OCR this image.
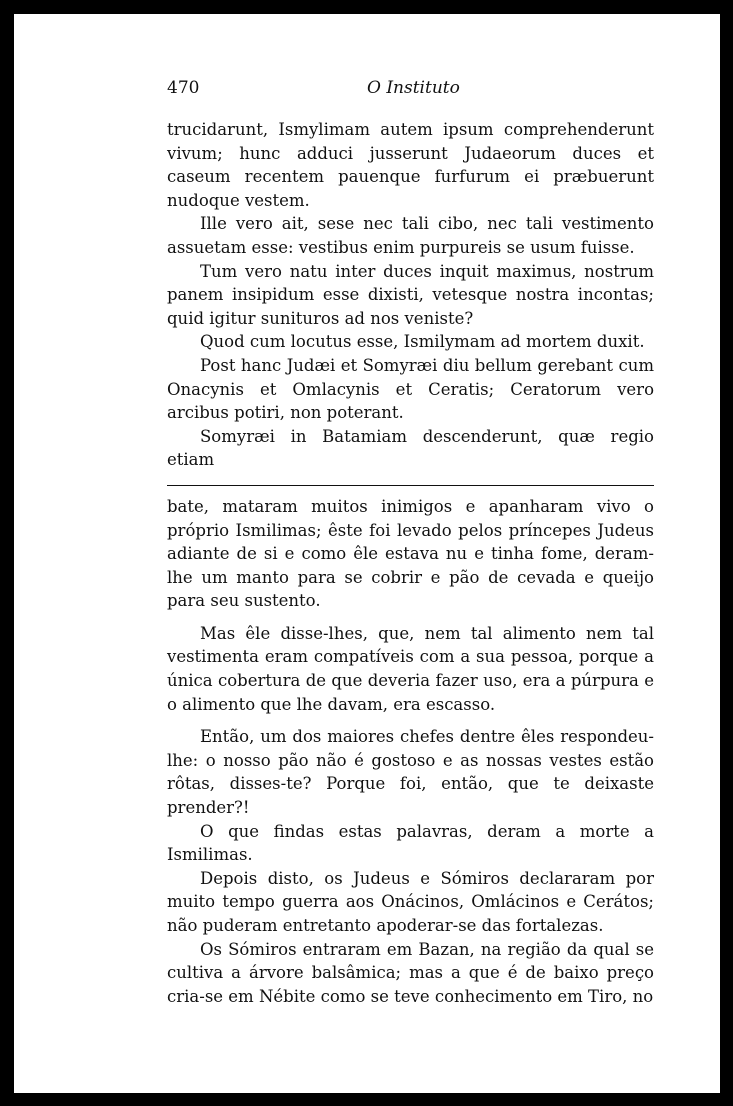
470	O Instituto

trucidarunt, Ismylimam autem ipsum comprehenderunt vivum; hunc adduci jusserunt Judaeorum duces et caseum recentem pauenque furfurum ei præbuerunt nudoque vestem.

Ille vero ait, sese nec tali cibo, nec tali vestimento assuetam esse: vestibus enim purpureis se usum fuisse.

Tum vero natu inter duces inquit maximus, nostrum panem insipidum esse dixisti, vetesque nostra incontas; quid igitur sunituros ad nos veniste?

Quod cum locutus esse, Ismilymam ad mortem duxit.

Post hanc Judæi et Somyræi diu bellum gerebant cum Onacynis et Omlacynis et Ceratis; Ceratorum vero arcibus potiri, non poterant.

Somyræi in Batamiam descenderunt, quæ regio etiam

bate, mataram muitos inimigos e apanharam vivo o próprio Ismilimas; êste foi levado pelos príncepes Judeus adiante de si e como êle estava nu e tinha fome, deram-lhe um manto para se cobrir e pão de cevada e queijo para seu sustento.

Mas êle disse-lhes, que, nem tal alimento nem tal vestimenta eram compatíveis com a sua pessoa, porque a única cobertura de que deveria fazer uso, era a púrpura e o alimento que lhe davam, era escasso.

Então, um dos maiores chefes dentre êles respondeu-lhe: o nosso pão não é gostoso e as nossas vestes estão rôtas, disses-te? Porque foi, então, que te deixaste prender?!

O que findas estas palavras, deram a morte a Ismilimas.

Depois disto, os Judeus e Sómiros declararam por muito tempo guerra aos Onácinos, Omlácinos e Cerátos; não puderam entretanto apoderar-se das fortalezas.

Os Sómiros entraram em Bazan, na região da qual se cultiva a árvore balsâmica; mas a que é de baixo preço cria-se em Nébite como se teve conhecimento em Tiro, no
